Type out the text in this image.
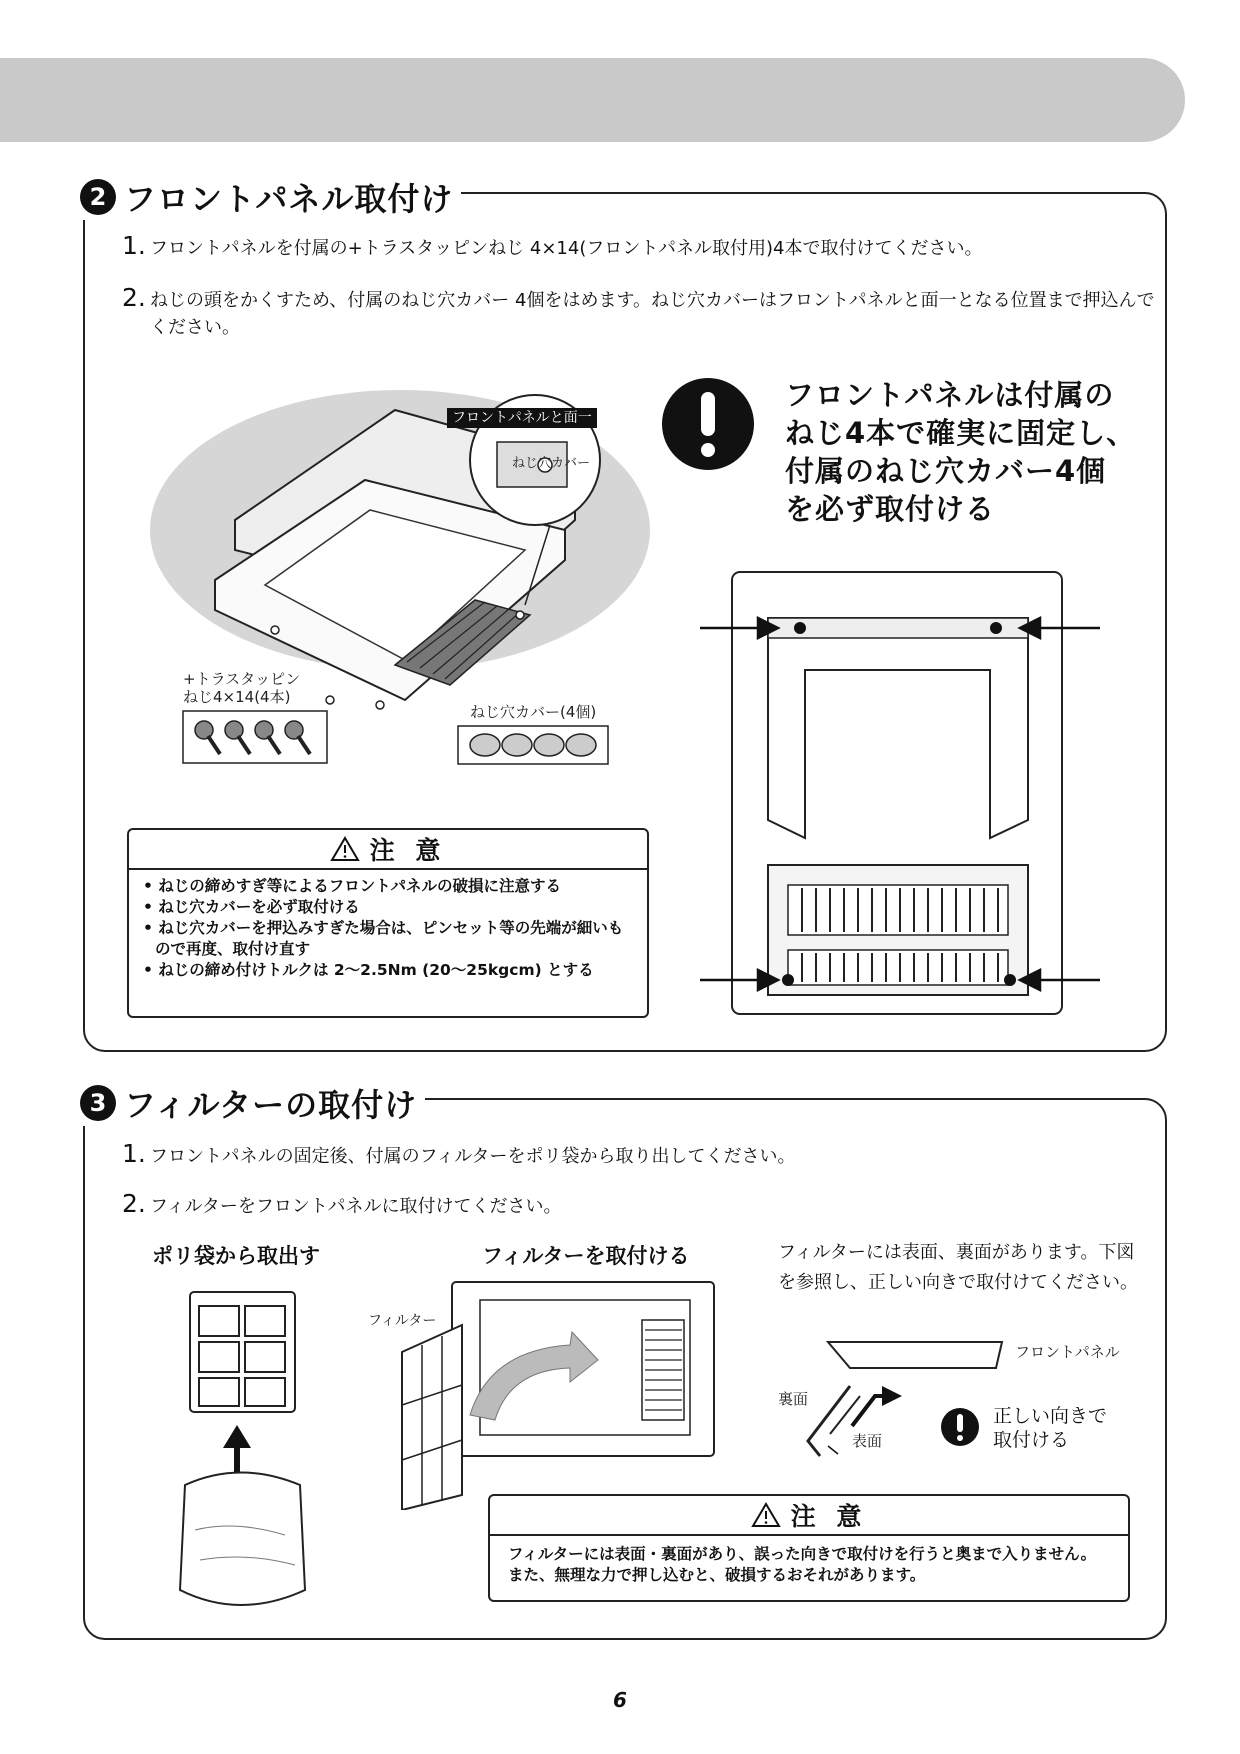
2 フロントパネル取付け
1. フロントパネルを付属の+トラスタッピンねじ 4×14(フロントパネル取付用)4本で取付けてください。
2. ねじの頭をかくすため、付属のねじ穴カバー 4個をはめます。ねじ穴カバーはフロントパネルと面一となる位置まで押込んでください。
フロントパネルと面一
ねじ穴カバー
+トラスタッピン
ねじ4×14(4本)
ねじ穴カバー(4個)
フロントパネルは付属の
ねじ4本で確実に固定し、
付属のねじ穴カバー4個
を必ず取付ける
注 意
• ねじの締めすぎ等によるフロントパネルの破損に注意する
• ねじ穴カバーを必ず取付ける
• ねじ穴カバーを押込みすぎた場合は、ピンセット等の先端が細いもので再度、取付け直す
• ねじの締め付けトルクは 2～2.5Nm (20～25kgcm) とする
3 フィルターの取付け
1. フロントパネルの固定後、付属のフィルターをポリ袋から取り出してください。
2. フィルターをフロントパネルに取付けてください。
ポリ袋から取出す	フィルターを取付ける
フィルター
フィルターには表面、裏面があります。下図を参照し、正しい向きで取付けてください。
フロントパネル
裏面
表面
正しい向きで
取付ける
注 意
フィルターには表面・裏面があり、誤った向きで取付けを行うと奥まで入りません。
また、無理な力で押し込むと、破損するおそれがあります。
6
